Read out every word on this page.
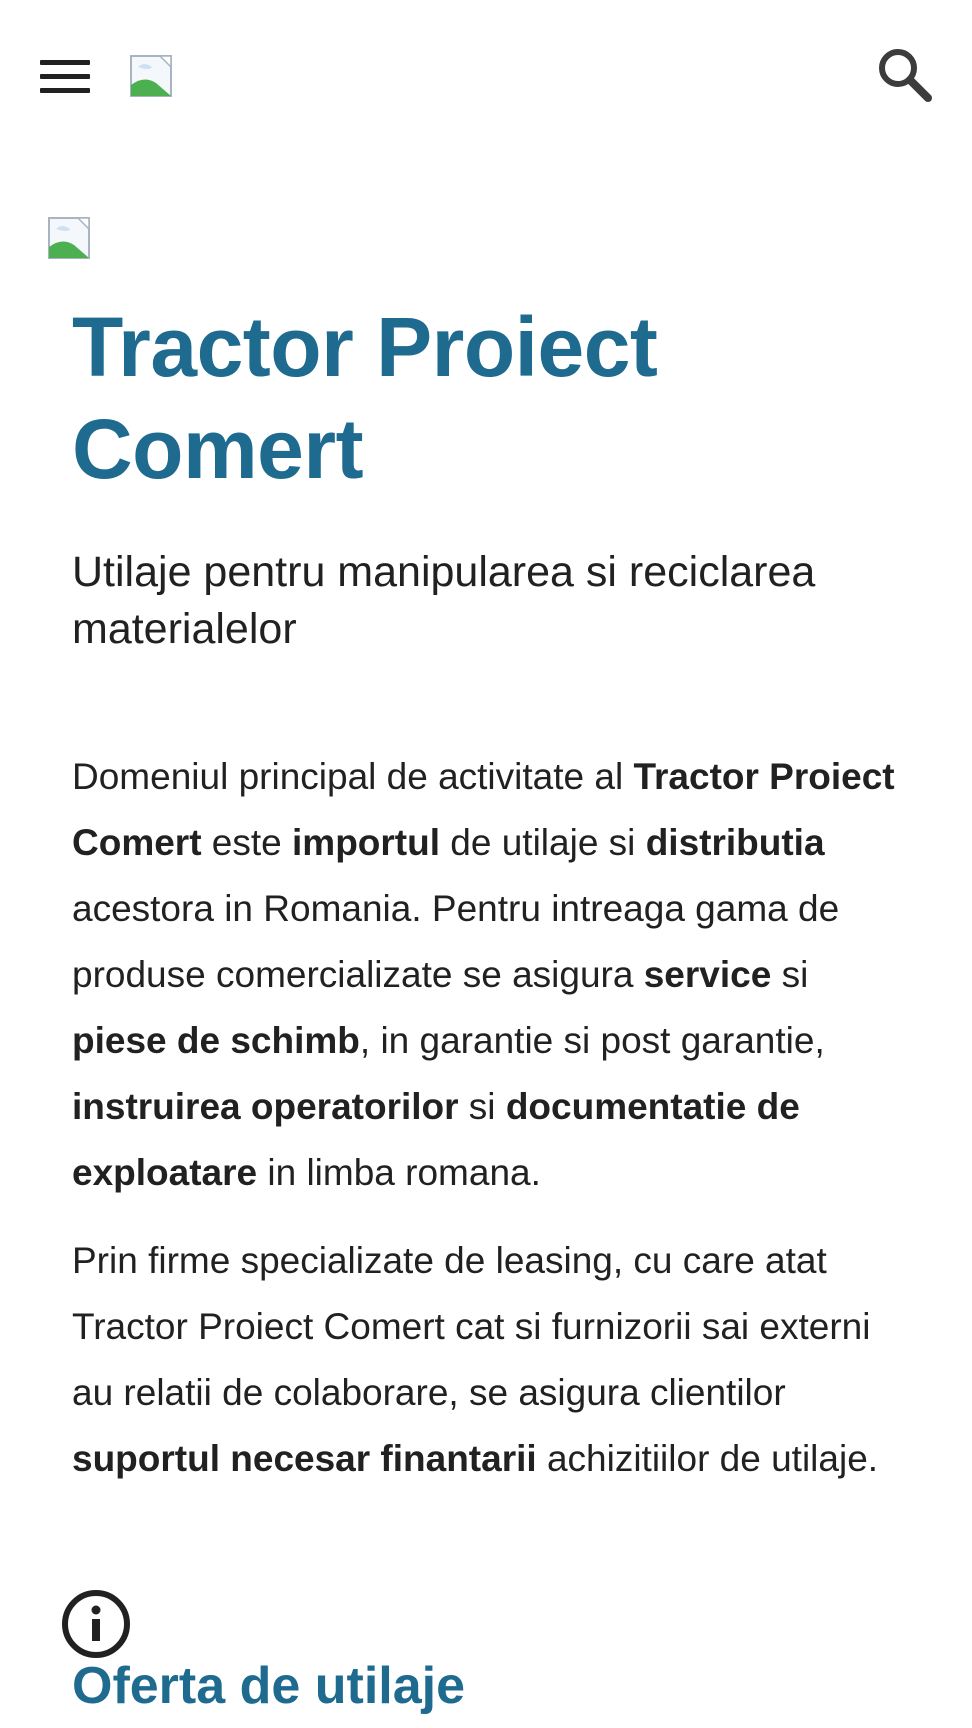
Tractor Proiect Comert
Utilaje pentru manipularea si reciclarea materialelor

Domeniul principal de activitate al Tractor Proiect Comert este importul de utilaje si distributia acestora in Romania. Pentru intreaga gama de produse comercializate se asigura service si piese de schimb, in garantie si post garantie, instruirea operatorilor si documentatie de exploatare in limba romana.

Prin firme specializate de leasing, cu care atat Tractor Proiect Comert cat si furnizorii sai externi au relatii de colaborare, se asigura clientilor suportul necesar finantarii achizitiilor de utilaje.

Oferta de utilaje
